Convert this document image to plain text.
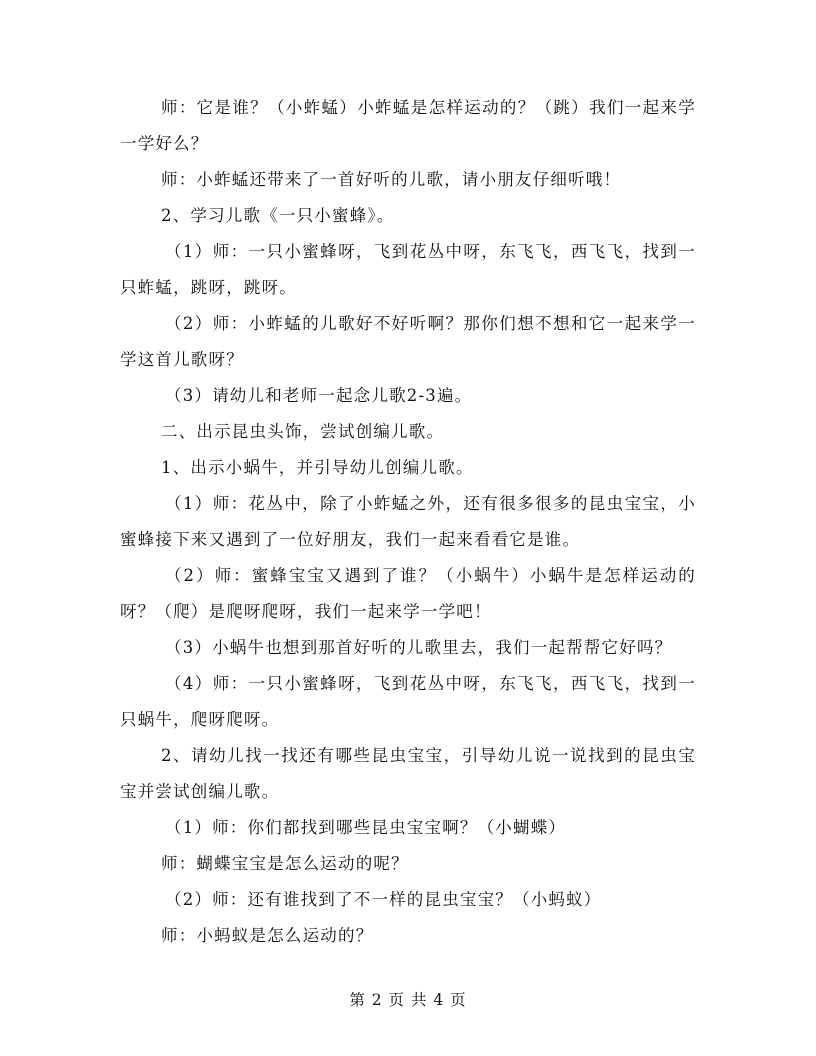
师：它是谁？（小蚱蜢）小蚱蜢是怎样运动的？（跳）我们一起来学一学好么？

师：小蚱蜢还带来了一首好听的儿歌，请小朋友仔细听哦！

2、学习儿歌《一只小蜜蜂》。

（1）师：一只小蜜蜂呀，飞到花丛中呀，东飞飞，西飞飞，找到一只蚱蜢，跳呀，跳呀。

（2）师：小蚱蜢的儿歌好不好听啊？那你们想不想和它一起来学一学这首儿歌呀？

（3）请幼儿和老师一起念儿歌2-3遍。

二、出示昆虫头饰，尝试创编儿歌。

1、出示小蜗牛，并引导幼儿创编儿歌。

（1）师：花丛中，除了小蚱蜢之外，还有很多很多的昆虫宝宝，小蜜蜂接下来又遇到了一位好朋友，我们一起来看看它是谁。

（2）师：蜜蜂宝宝又遇到了谁？（小蜗牛）小蜗牛是怎样运动的呀？（爬）是爬呀爬呀，我们一起来学一学吧！

（3）小蜗牛也想到那首好听的儿歌里去，我们一起帮帮它好吗？

（4）师：一只小蜜蜂呀，飞到花丛中呀，东飞飞，西飞飞，找到一只蜗牛，爬呀爬呀。

2、请幼儿找一找还有哪些昆虫宝宝，引导幼儿说一说找到的昆虫宝宝并尝试创编儿歌。

（1）师：你们都找到哪些昆虫宝宝啊？（小蝴蝶）

师：蝴蝶宝宝是怎么运动的呢？

（2）师：还有谁找到了不一样的昆虫宝宝？（小蚂蚁）

师：小蚂蚁是怎么运动的？

第 2 页 共 4 页
